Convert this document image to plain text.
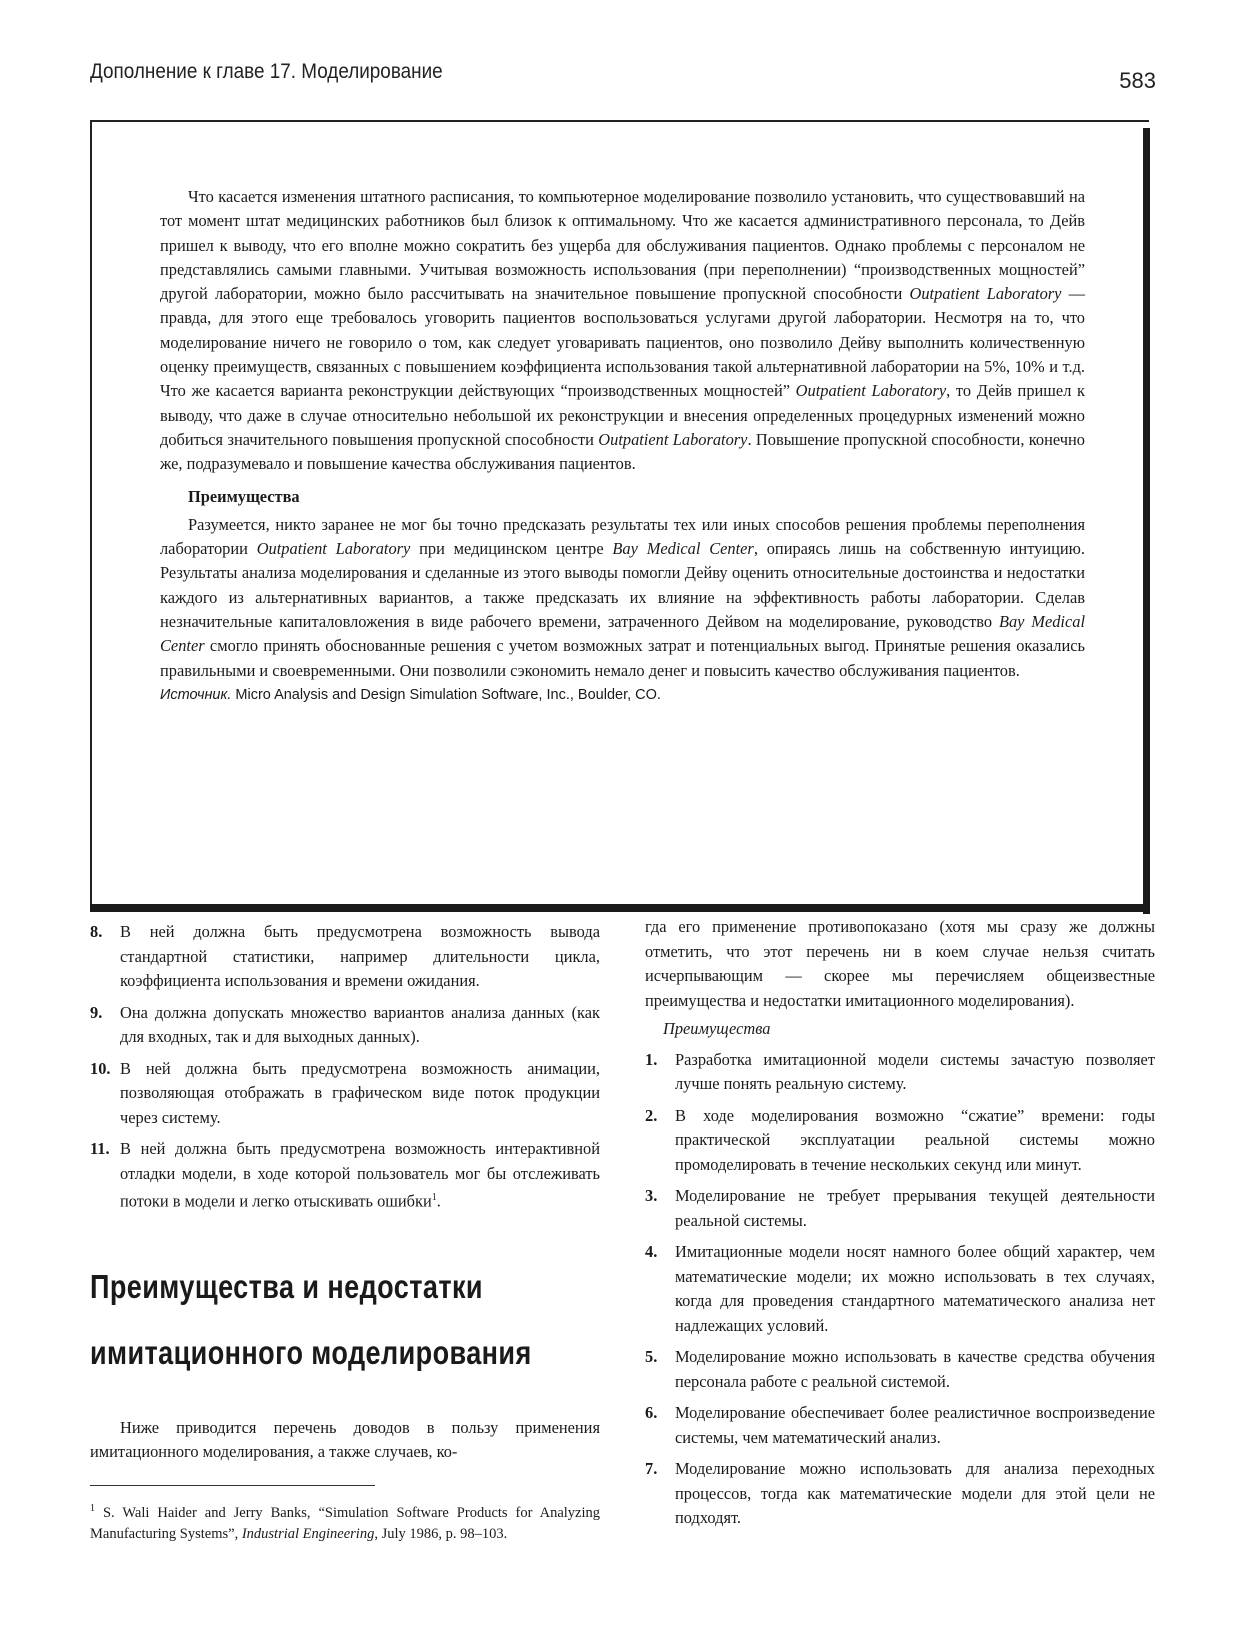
Дополнение к главе 17. Моделирование	583

Что касается изменения штатного расписания, то компьютерное моделирование позволило установить, что существовавший на тот момент штат медицинских работников был близок к оптимальному. Что же касается административного персонала, то Дейв пришел к выводу, что его вполне можно сократить без ущерба для обслуживания пациентов. Однако проблемы с персоналом не представлялись самыми главными. Учитывая возможность использования (при переполнении) “производственных мощностей” другой лаборатории, можно было рассчитывать на значительное повышение пропускной способности Outpatient Laboratory — правда, для этого еще требовалось уговорить пациентов воспользоваться услугами другой лаборатории. Несмотря на то, что моделирование ничего не говорило о том, как следует уговаривать пациентов, оно позволило Дейву выполнить количественную оценку преимуществ, связанных с повышением коэффициента использования такой альтернативной лаборатории на 5%, 10% и т.д. Что же касается варианта реконструкции действующих “производственных мощностей” Outpatient Laboratory, то Дейв пришел к выводу, что даже в случае относительно небольшой их реконструкции и внесения определенных процедурных изменений можно добиться значительного повышения пропускной способности Outpatient Laboratory. Повышение пропускной способности, конечно же, подразумевало и повышение качества обслуживания пациентов.

Преимущества

Разумеется, никто заранее не мог бы точно предсказать результаты тех или иных способов решения проблемы переполнения лаборатории Outpatient Laboratory при медицинском центре Bay Medical Center, опираясь лишь на собственную интуицию. Результаты анализа моделирования и сделанные из этого выводы помогли Дейву оценить относительные достоинства и недостатки каждого из альтернативных вариантов, а также предсказать их влияние на эффективность работы лаборатории. Сделав незначительные капиталовложения в виде рабочего времени, затраченного Дейвом на моделирование, руководство Bay Medical Center смогло принять обоснованные решения с учетом возможных затрат и потенциальных выгод. Принятые решения оказались правильными и своевременными. Они позволили сэкономить немало денег и повысить качество обслуживания пациентов.

Источник. Micro Analysis and Design Simulation Software, Inc., Boulder, CO.

8. В ней должна быть предусмотрена возможность вывода стандартной статистики, например длительности цикла, коэффициента использования и времени ожидания.
9. Она должна допускать множество вариантов анализа данных (как для входных, так и для выходных данных).
10. В ней должна быть предусмотрена возможность анимации, позволяющая отображать в графическом виде поток продукции через систему.
11. В ней должна быть предусмотрена возможность интерактивной отладки модели, в ходе которой пользователь мог бы отслеживать потоки в модели и легко отыскивать ошибки$^1$.
Преимущества и недостатки
имитационного моделирования

Ниже приводится перечень доводов в пользу применения имитационного моделирования, а также случаев, ко-

$^1$ S. Wali Haider and Jerry Banks, “Simulation Software Products for Analyzing Manufacturing Systems”, Industrial Engineering, July 1986, p. 98–103.

гда его применение противопоказано (хотя мы сразу же должны отметить, что этот перечень ни в коем случае нельзя считать исчерпывающим — скорее мы перечисляем общеизвестные преимущества и недостатки имитационного моделирования).

Преимущества
1. Разработка имитационной модели системы зачастую позволяет лучше понять реальную систему.
2. В ходе моделирования возможно “сжатие” времени: годы практической эксплуатации реальной системы можно промоделировать в течение нескольких секунд или минут.
3. Моделирование не требует прерывания текущей деятельности реальной системы.
4. Имитационные модели носят намного более общий характер, чем математические модели; их можно использовать в тех случаях, когда для проведения стандартного математического анализа нет надлежащих условий.
5. Моделирование можно использовать в качестве средства обучения персонала работе с реальной системой.
6. Моделирование обеспечивает более реалистичное воспроизведение системы, чем математический анализ.
7. Моделирование можно использовать для анализа переходных процессов, тогда как математические модели для этой цели не подходят.
